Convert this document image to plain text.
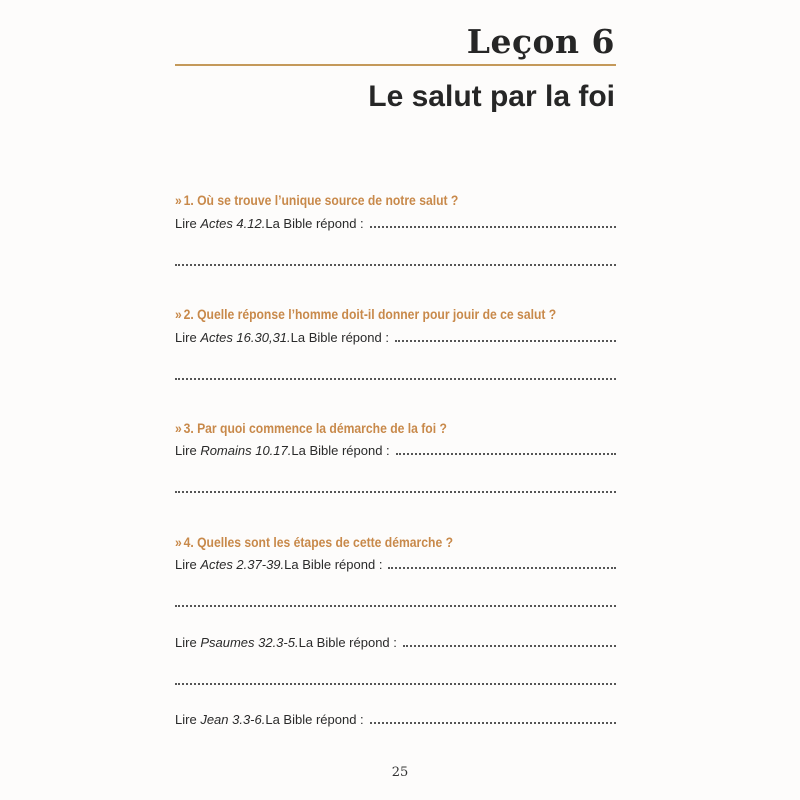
Leçon 6
Le salut par la foi

» 1. Où se trouve l’unique source de notre salut ?

Lire
Actes 4.12. La Bible répond :

» 2. Quelle réponse l’homme doit-il donner pour jouir de ce salut ?

Lire
Actes 16.30,31. La Bible répond :

» 3. Par quoi commence la démarche de la foi ?

Lire
Romains 10.17. La Bible répond :

» 4. Quelles sont les étapes de cette démarche ?

Lire
Actes 2.37-39. La Bible répond :
Lire
Psaumes 32.3-5. La Bible répond :
Lire
Jean 3.3-6. La Bible répond :
25
